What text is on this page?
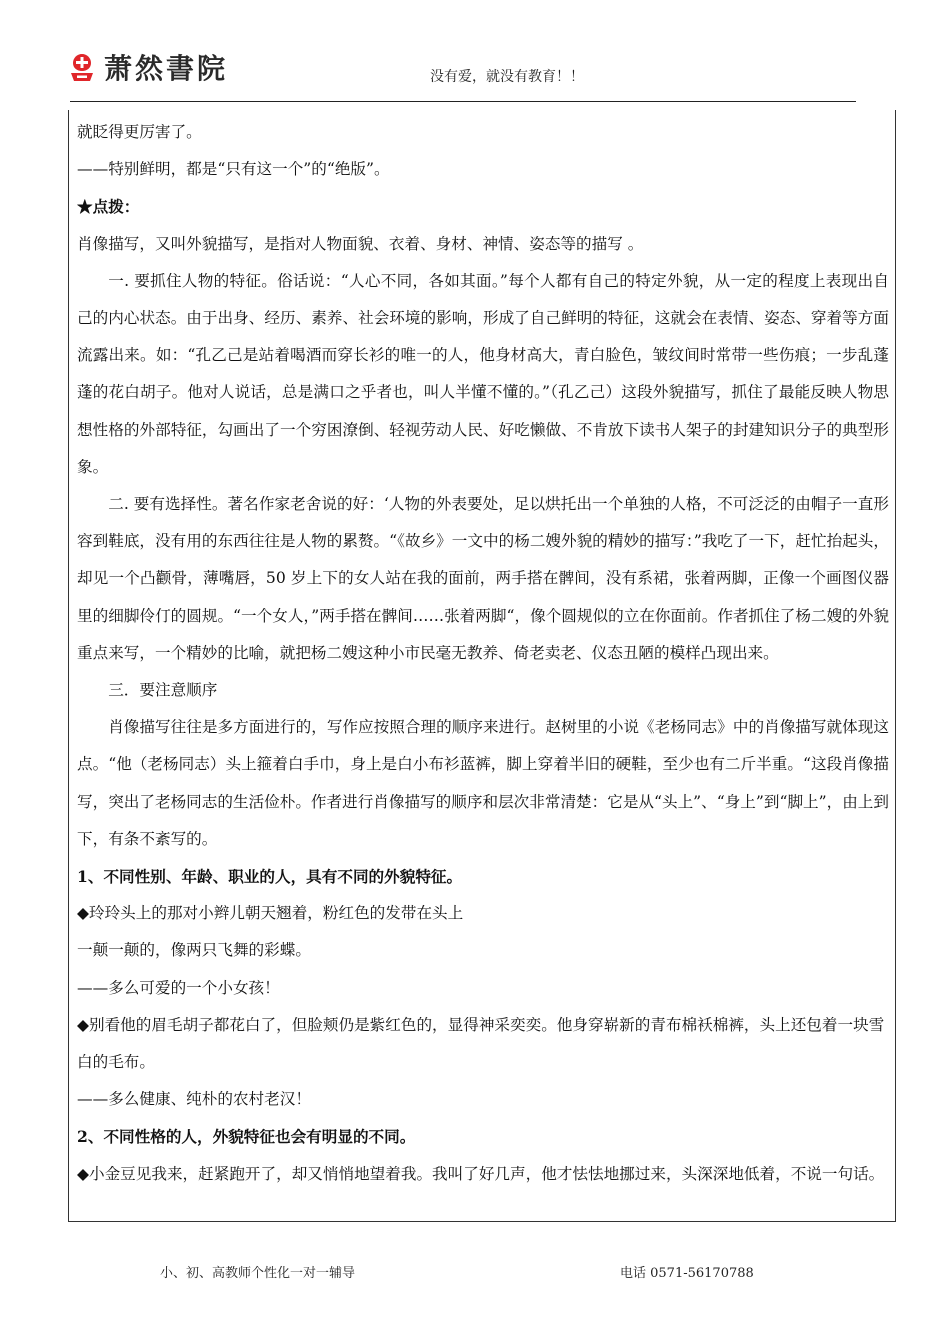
萧然書院	没有爱，就没有教育！！

就眨得更厉害了。

——特别鲜明，都是“只有这一个”的“绝版”。

★点拨：

肖像描写，又叫外貌描写，是指对人物面貌、衣着、身材、神情、姿态等的描写 。

一. 要抓住人物的特征。俗话说：“人心不同，各如其面。”每个人都有自己的特定外貌，从一定的程度上表现出自己的内心状态。由于出身、经历、素养、社会环境的影响，形成了自己鲜明的特征，这就会在表情、姿态、穿着等方面流露出来。如：“孔乙己是站着喝酒而穿长衫的唯一的人，他身材高大，青白脸色，皱纹间时常带一些伤痕；一步乱蓬蓬的花白胡子。他对人说话，总是满口之乎者也，叫人半懂不懂的。”（孔乙己）这段外貌描写，抓住了最能反映人物思想性格的外部特征，勾画出了一个穷困潦倒、轻视劳动人民、好吃懒做、不肯放下读书人架子的封建知识分子的典型形象。

二. 要有选择性。著名作家老舍说的好：‘人物的外表要处，足以烘托出一个单独的人格，不可泛泛的由帽子一直形容到鞋底，没有用的东西往往是人物的累赘。“《故乡》一文中的杨二嫂外貌的精妙的描写：”我吃了一下，赶忙抬起头，却见一个凸颧骨，薄嘴唇，50 岁上下的女人站在我的面前，两手搭在髀间，没有系裙，张着两脚，正像一个画图仪器里的细脚伶仃的圆规。“一个女人，”两手搭在髀间……张着两脚“，像个圆规似的立在你面前。作者抓住了杨二嫂的外貌重点来写，一个精妙的比喻，就把杨二嫂这种小市民毫无教养、倚老卖老、仪态丑陋的模样凸现出来。

三．要注意顺序

肖像描写往往是多方面进行的，写作应按照合理的顺序来进行。赵树里的小说《老杨同志》中的肖像描写就体现这点。“他（老杨同志）头上箍着白手巾，身上是白小布衫蓝裤，脚上穿着半旧的硬鞋，至少也有二斤半重。“这段肖像描写，突出了老杨同志的生活俭朴。作者进行肖像描写的顺序和层次非常清楚：它是从“头上”、“身上”到“脚上”，由上到下，有条不紊写的。

1、不同性别、年龄、职业的人，具有不同的外貌特征。

◆玲玲头上的那对小辫儿朝天翘着，粉红色的发带在头上

一颠一颠的，像两只飞舞的彩蝶。

——多么可爱的一个小女孩！

◆别看他的眉毛胡子都花白了，但脸颊仍是紫红色的，显得神采奕奕。他身穿崭新的青布棉袄棉裤，头上还包着一块雪白的毛布。

——多么健康、纯朴的农村老汉！

2、不同性格的人，外貌特征也会有明显的不同。

◆小金豆见我来，赶紧跑开了，却又悄悄地望着我。我叫了好几声，他才怯怯地挪过来，头深深地低着，不说一句话。

小、初、高教师个性化一对一辅导	电话 0571-56170788
